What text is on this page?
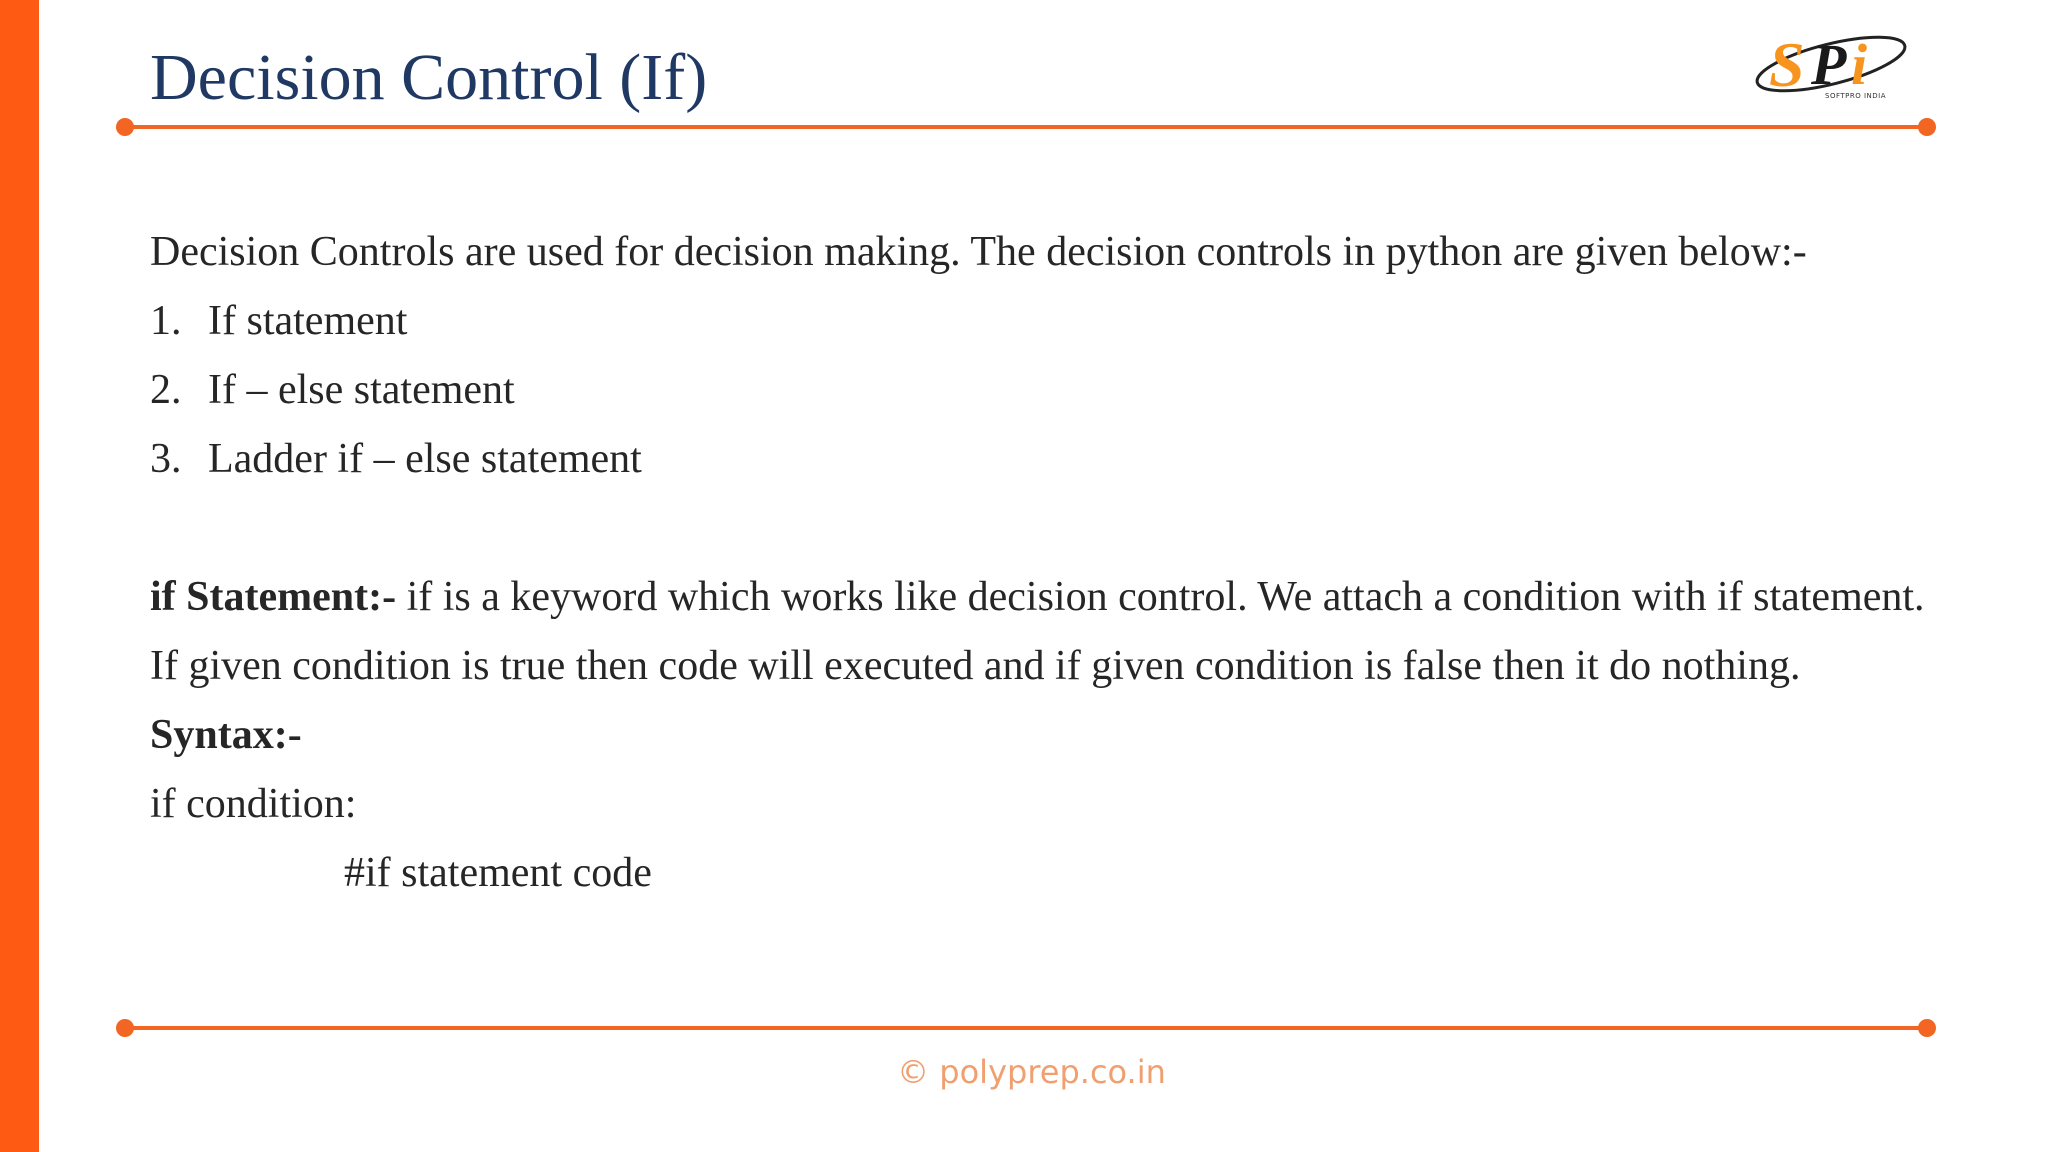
Decision Control (If)	S P i
SOFTPRO INDIA
Decision Controls are used for decision making. The decision controls in python are given below:-
1. If statement
2. If – else statement
3. Ladder if – else statement
if Statement:- if is a keyword which works like decision control. We attach a condition with if statement.
If given condition is true then code will executed and if given condition is false then it do nothing.
Syntax:-
if condition:
#if statement code
© polyprep.co.in
